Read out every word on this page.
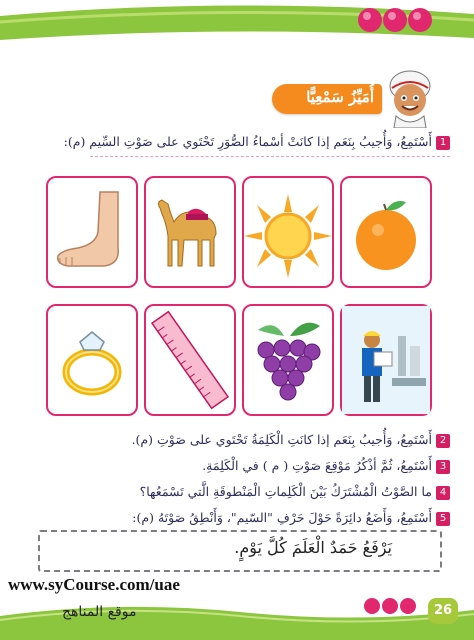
أُمَيِّزُ سَمْعِيًّا
1أَسْتَمِعُ، وَأُجيبُ بِنَعَم إذا كانَتْ أسْماءُ الصُّوَرِ تَحْتَوي على صَوْتِ السِّيم (م):
2أَسْتَمِعُ، وَأُجيبُ بِنَعَم إذا كانَتِ الْكَلِمَةُ تَحْتَوي على صَوْتِ (م).
3أَسْتَمِعُ، ثُمَّ أذْكُرُ مَوْقِعَ صَوْتِ ( م ) في الْكَلِمَةِ.
4ما الصَّوْتُ الْمُشْتَرَكُ بَيْنَ الْكَلِماتِ الْمَنْطوقَةِ الَّتي تَسْمَعُها؟
5أَسْتَمِعُ، وَأَضَعُ دائِرَةً حَوْلَ حَرْفِ "السّيم"، وَأَنْطِقُ صَوْتَهُ (م):
يَرْفَعُ حَمَدٌ الْعَلَمَ كُلَّ يَوْمٍ.
www.syCourse.com/uae
موقع المناهج	26
